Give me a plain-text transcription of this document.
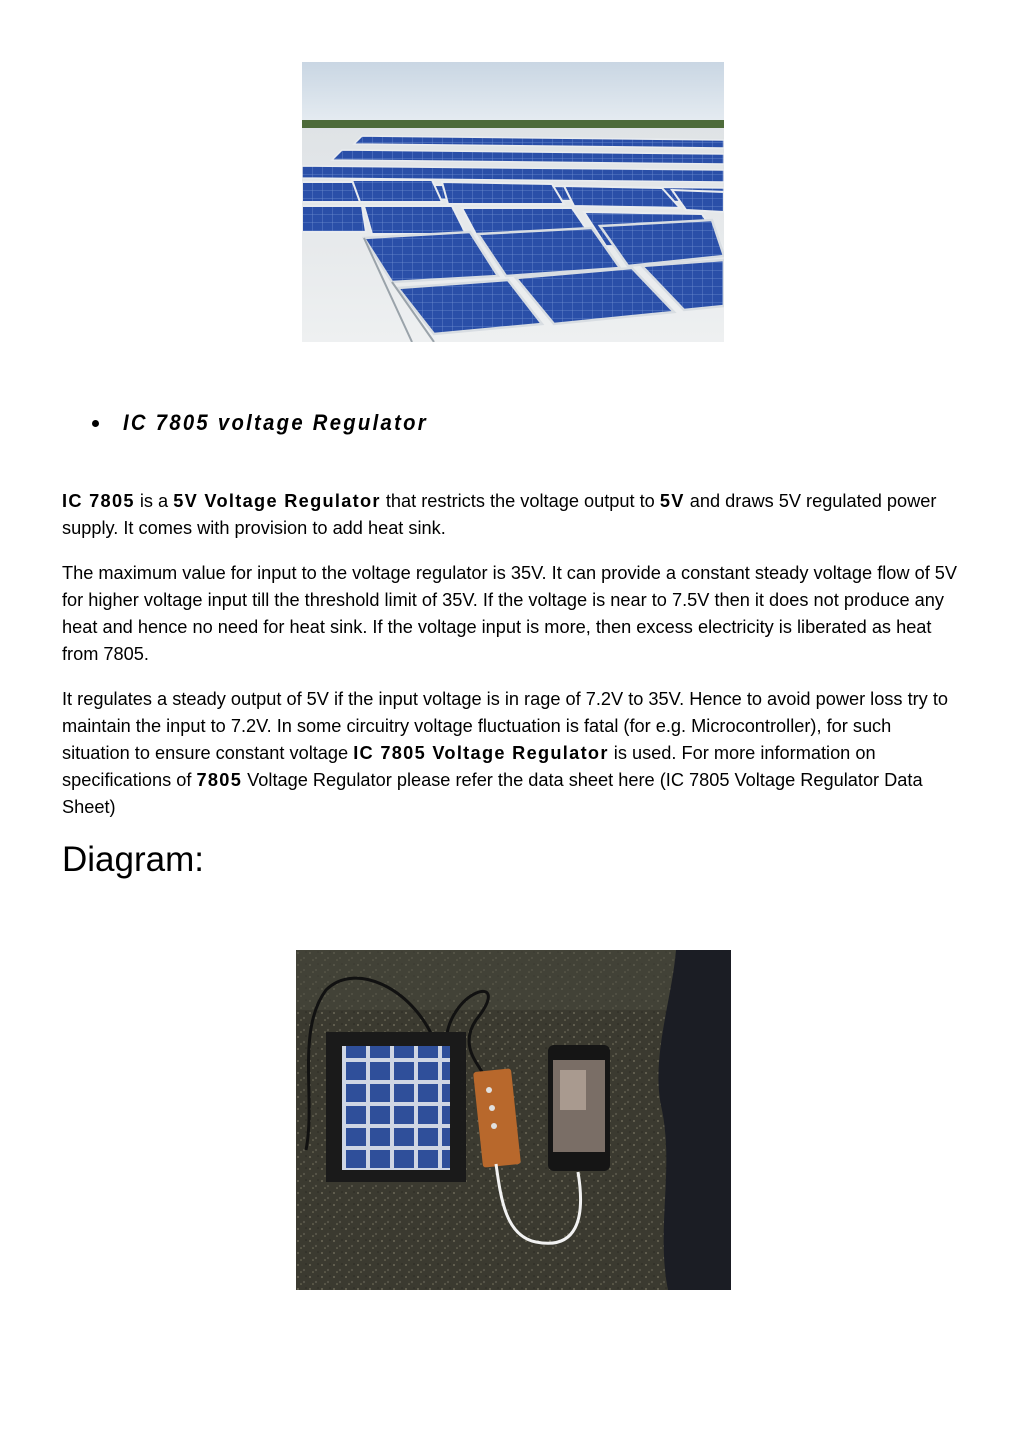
IC 7805 voltage Regulator

IC 7805 is a 5V Voltage Regulator that restricts the voltage output to 5V and draws 5V regulated power supply. It comes with provision to add heat sink.

The maximum value for input to the voltage regulator is 35V. It can provide a constant steady voltage flow of 5V for higher voltage input till the threshold limit of 35V. If the voltage is near to 7.5V then it does not produce any heat and hence no need for heat sink. If the voltage input is more, then excess electricity is liberated as heat from 7805.

It regulates a steady output of 5V if the input voltage is in rage of 7.2V to 35V. Hence to avoid power loss try to maintain the input to 7.2V. In some circuitry voltage fluctuation is fatal (for e.g. Microcontroller), for such situation to ensure constant voltage IC 7805 Voltage Regulator is used. For more information on specifications of 7805 Voltage Regulator please refer the data sheet here (IC 7805 Voltage Regulator Data Sheet)

Diagram:
